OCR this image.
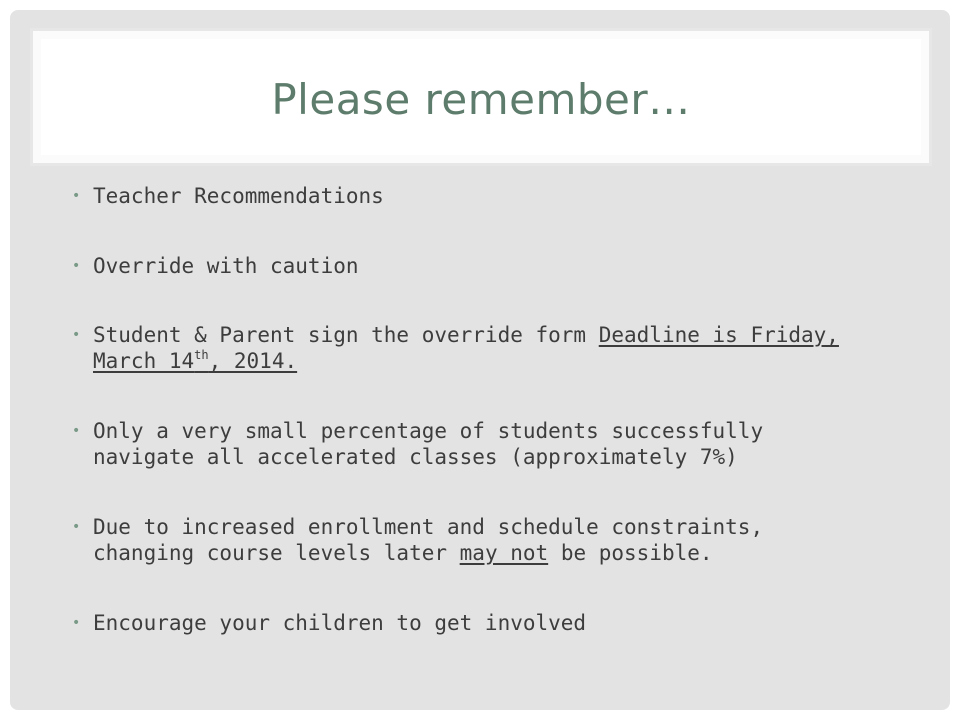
Please remember…
• Teacher Recommendations
• Override with caution
• Student & Parent sign the override form Deadline is Friday, March 14th, 2014.
• Only a very small percentage of students successfully navigate all accelerated classes (approximately 7%)
• Due to increased enrollment and schedule constraints, changing course levels later may not be possible.
• Encourage your children to get involved
